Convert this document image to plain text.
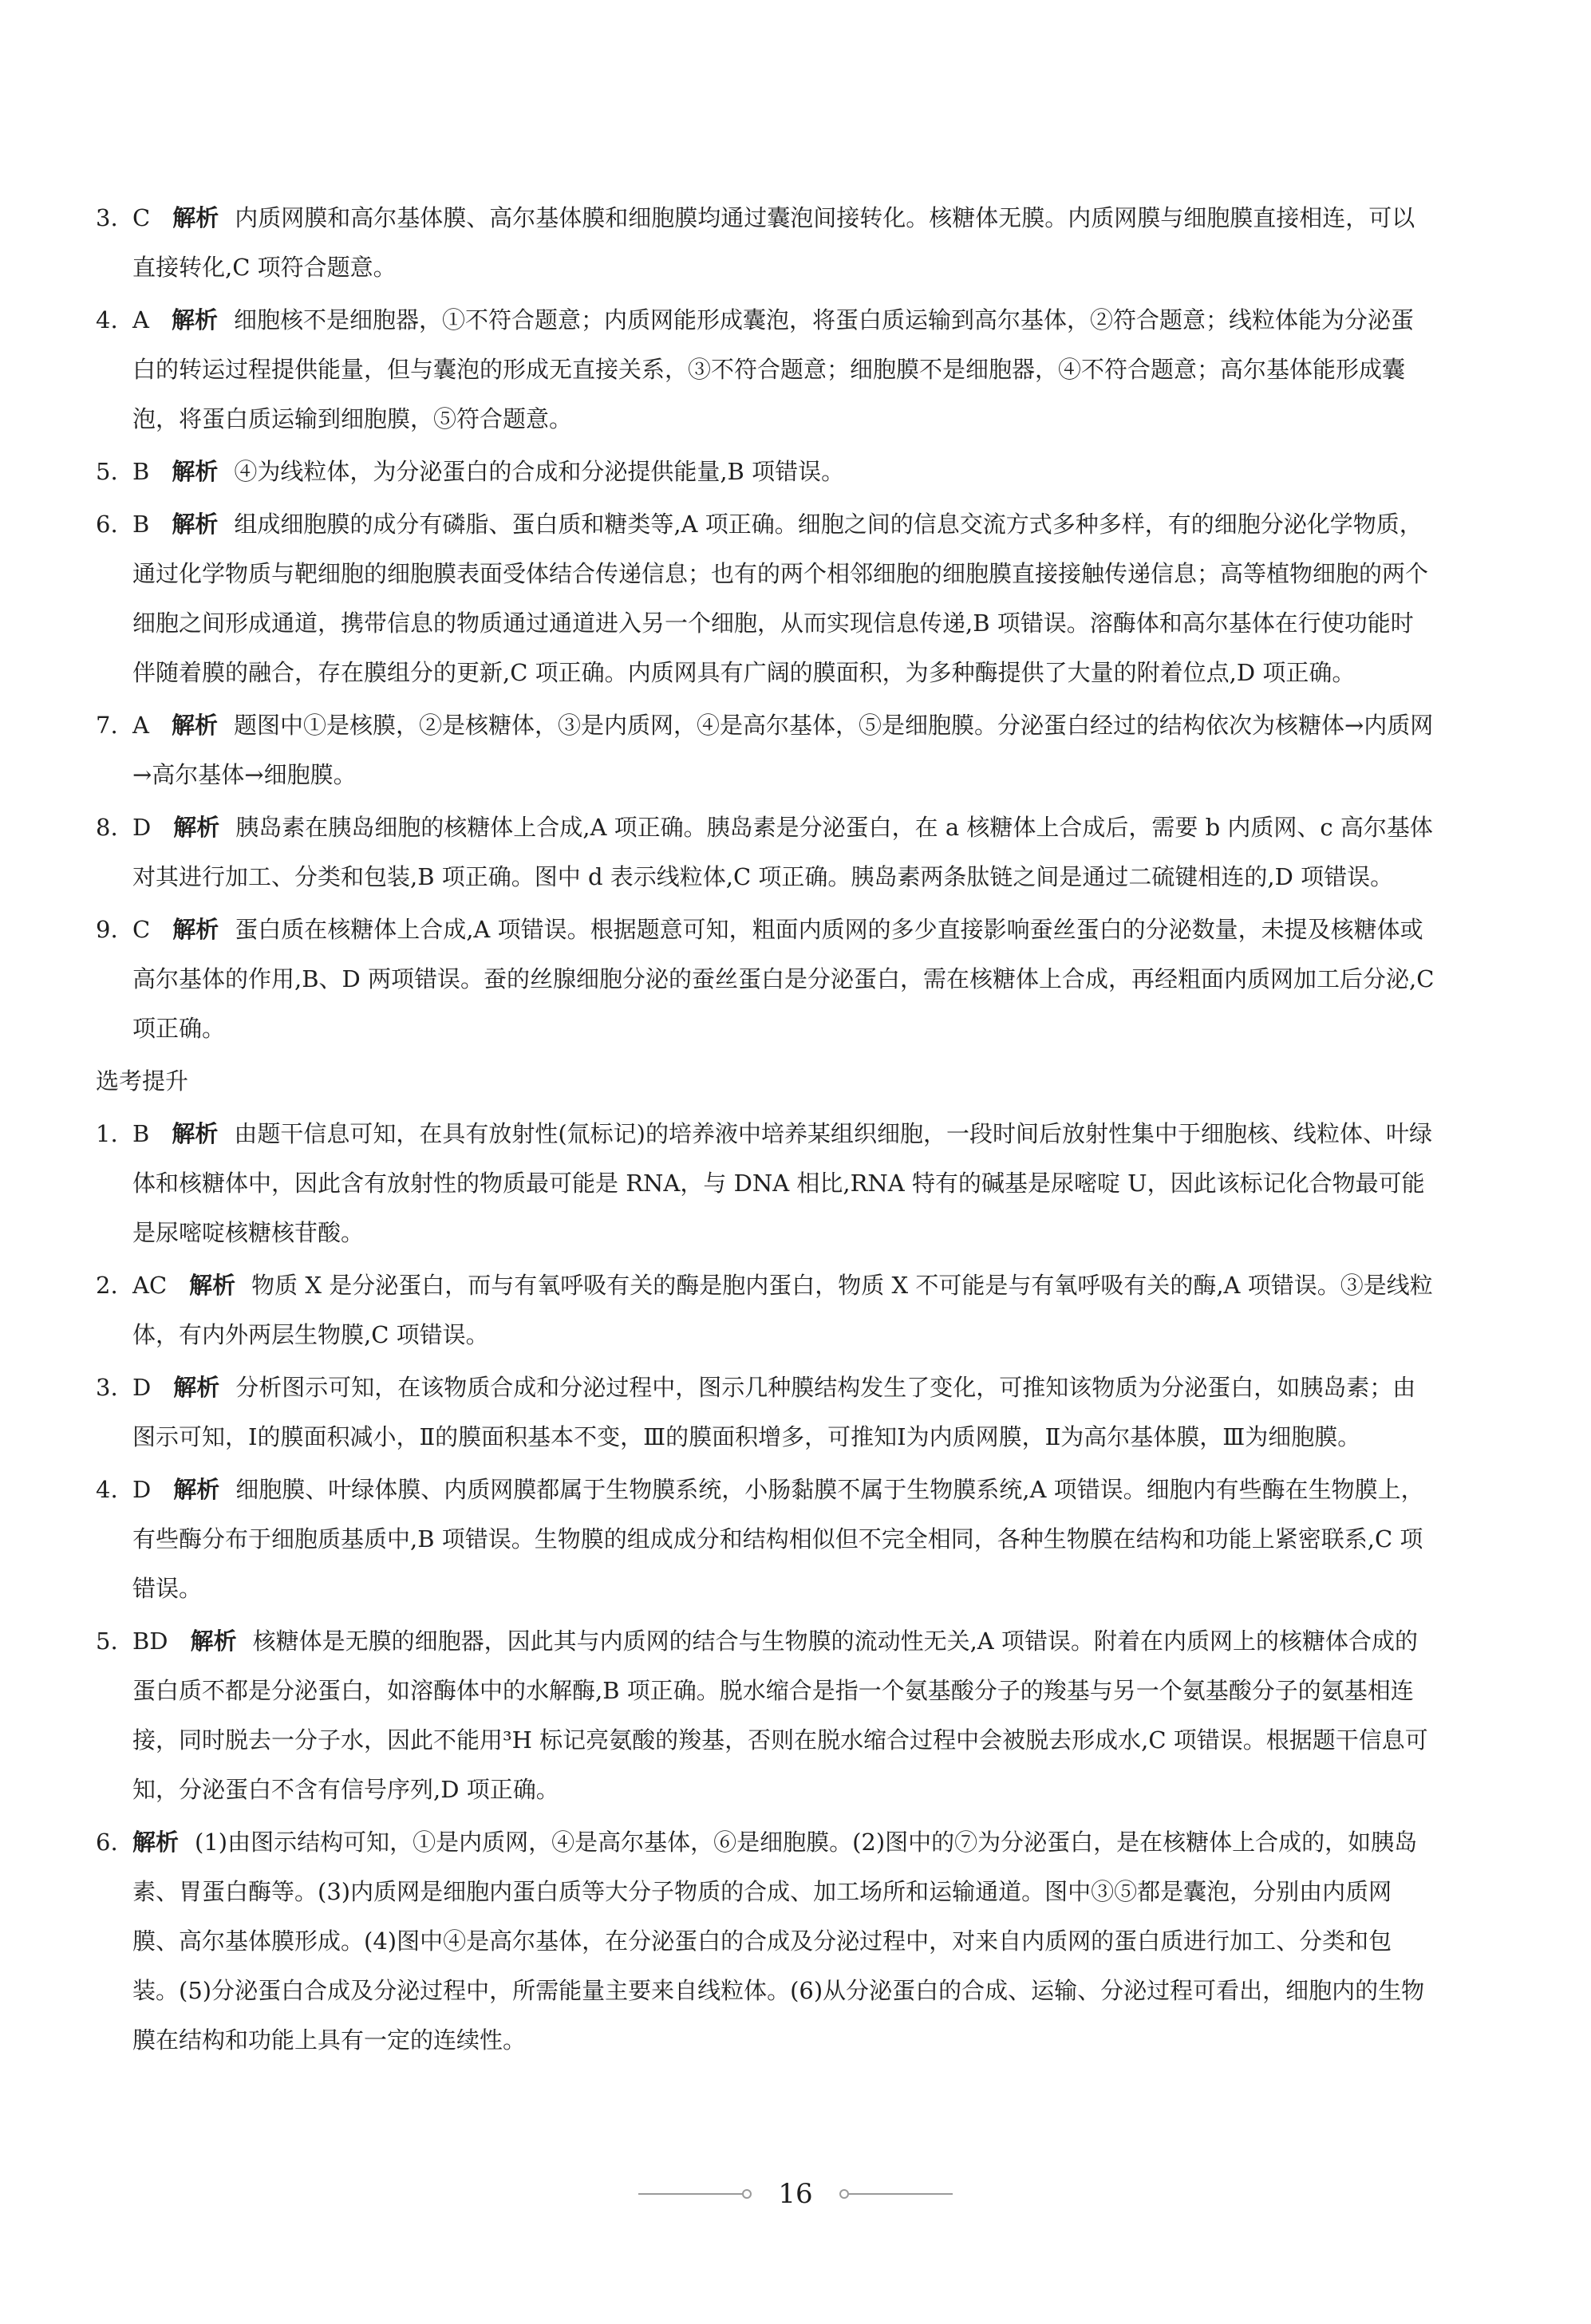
3. C 解析 内质网膜和高尔基体膜、高尔基体膜和细胞膜均通过囊泡间接转化。核糖体无膜。内质网膜与细胞膜直接相连，可以直接转化,C 项符合题意。
4. A 解析 细胞核不是细胞器，①不符合题意；内质网能形成囊泡，将蛋白质运输到高尔基体，②符合题意；线粒体能为分泌蛋白的转运过程提供能量，但与囊泡的形成无直接关系，③不符合题意；细胞膜不是细胞器，④不符合题意；高尔基体能形成囊泡，将蛋白质运输到细胞膜，⑤符合题意。
5. B 解析 ④为线粒体，为分泌蛋白的合成和分泌提供能量,B 项错误。
6. B 解析 组成细胞膜的成分有磷脂、蛋白质和糖类等,A 项正确。细胞之间的信息交流方式多种多样，有的细胞分泌化学物质，通过化学物质与靶细胞的细胞膜表面受体结合传递信息；也有的两个相邻细胞的细胞膜直接接触传递信息；高等植物细胞的两个细胞之间形成通道，携带信息的物质通过通道进入另一个细胞，从而实现信息传递,B 项错误。溶酶体和高尔基体在行使功能时伴随着膜的融合，存在膜组分的更新,C 项正确。内质网具有广阔的膜面积，为多种酶提供了大量的附着位点,D 项正确。
7. A 解析 题图中①是核膜，②是核糖体，③是内质网，④是高尔基体，⑤是细胞膜。分泌蛋白经过的结构依次为核糖体→内质网→高尔基体→细胞膜。
8. D 解析 胰岛素在胰岛细胞的核糖体上合成,A 项正确。胰岛素是分泌蛋白，在 a 核糖体上合成后，需要 b 内质网、c 高尔基体对其进行加工、分类和包装,B 项正确。图中 d 表示线粒体,C 项正确。胰岛素两条肽链之间是通过二硫键相连的,D 项错误。
9. C 解析 蛋白质在核糖体上合成,A 项错误。根据题意可知，粗面内质网的多少直接影响蚕丝蛋白的分泌数量，未提及核糖体或高尔基体的作用,B、D 两项错误。蚕的丝腺细胞分泌的蚕丝蛋白是分泌蛋白，需在核糖体上合成，再经粗面内质网加工后分泌,C 项正确。
选考提升
1. B 解析 由题干信息可知，在具有放射性(氚标记)的培养液中培养某组织细胞，一段时间后放射性集中于细胞核、线粒体、叶绿体和核糖体中，因此含有放射性的物质最可能是 RNA，与 DNA 相比,RNA 特有的碱基是尿嘧啶 U，因此该标记化合物最可能是尿嘧啶核糖核苷酸。
2. AC 解析 物质 X 是分泌蛋白，而与有氧呼吸有关的酶是胞内蛋白，物质 X 不可能是与有氧呼吸有关的酶,A 项错误。③是线粒体，有内外两层生物膜,C 项错误。
3. D 解析 分析图示可知，在该物质合成和分泌过程中，图示几种膜结构发生了变化，可推知该物质为分泌蛋白，如胰岛素；由图示可知，Ⅰ的膜面积减小，Ⅱ的膜面积基本不变，Ⅲ的膜面积增多，可推知Ⅰ为内质网膜，Ⅱ为高尔基体膜，Ⅲ为细胞膜。
4. D 解析 细胞膜、叶绿体膜、内质网膜都属于生物膜系统，小肠黏膜不属于生物膜系统,A 项错误。细胞内有些酶在生物膜上，有些酶分布于细胞质基质中,B 项错误。生物膜的组成成分和结构相似但不完全相同，各种生物膜在结构和功能上紧密联系,C 项错误。
5. BD 解析 核糖体是无膜的细胞器，因此其与内质网的结合与生物膜的流动性无关,A 项错误。附着在内质网上的核糖体合成的蛋白质不都是分泌蛋白，如溶酶体中的水解酶,B 项正确。脱水缩合是指一个氨基酸分子的羧基与另一个氨基酸分子的氨基相连接，同时脱去一分子水，因此不能用³H 标记亮氨酸的羧基，否则在脱水缩合过程中会被脱去形成水,C 项错误。根据题干信息可知，分泌蛋白不含有信号序列,D 项正确。
6. 解析 (1)由图示结构可知，①是内质网，④是高尔基体，⑥是细胞膜。(2)图中的⑦为分泌蛋白，是在核糖体上合成的，如胰岛素、胃蛋白酶等。(3)内质网是细胞内蛋白质等大分子物质的合成、加工场所和运输通道。图中③⑤都是囊泡，分别由内质网膜、高尔基体膜形成。(4)图中④是高尔基体，在分泌蛋白的合成及分泌过程中，对来自内质网的蛋白质进行加工、分类和包装。(5)分泌蛋白合成及分泌过程中，所需能量主要来自线粒体。(6)从分泌蛋白的合成、运输、分泌过程可看出，细胞内的生物膜在结构和功能上具有一定的连续性。
16
